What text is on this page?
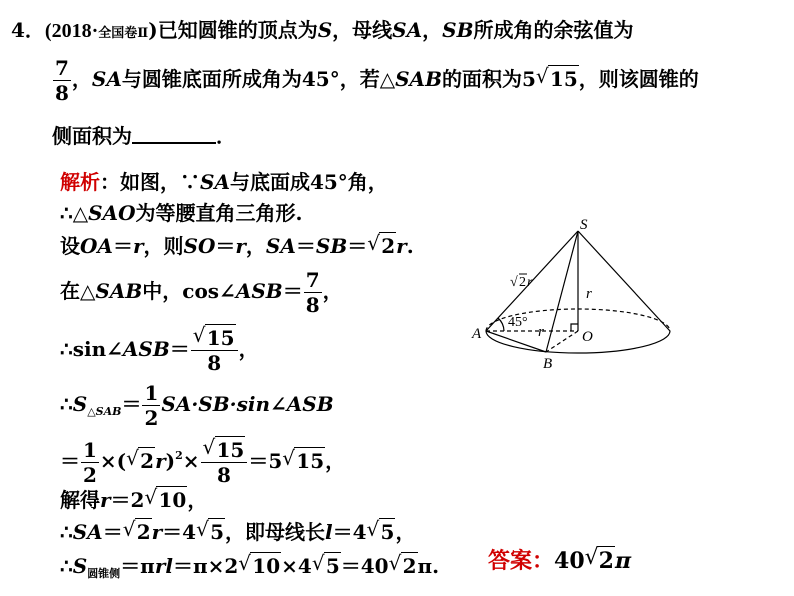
4．(2018·全国卷Ⅱ)已知圆锥的顶点为S，母线SA，SB所成角的余弦值为
$\frac{7}{8}$ ，SA与圆锥底面所成角为45°，若△SAB的面积为5 √ 15，则该圆锥的
侧面积为	．
解析：如图，∵SA与底面成45°角，
∴△SAO为等腰直角三角形.
设OA＝r，则SO＝r，SA＝SB＝ √ 2r.
在△SAB中，cos∠ASB＝ $\frac{7}{8}$ ，
∴sin∠ASB＝ $\frac{√ 15}{8}$ ，
$\therefore S_{\triangle SAB}= \frac{1}{2}$ SA·SB·sin∠ASB
＝ $\frac{1}{2}$ ×( √ $2r)^2\times \frac{√ 15}{8} =5$ √ 15，
解得r＝2 √ 10，
∴SA＝ √ 2r＝4 √ 5，即母线长l＝4 √ 5，
$\therefore S_{圆锥侧}=\pi rl=\pi\times 2$ √ 10×4 √ 5＝40 √ 2π. 答案：40 √ 2π
S
A
B
O
r
r
45°
√ 2 r
